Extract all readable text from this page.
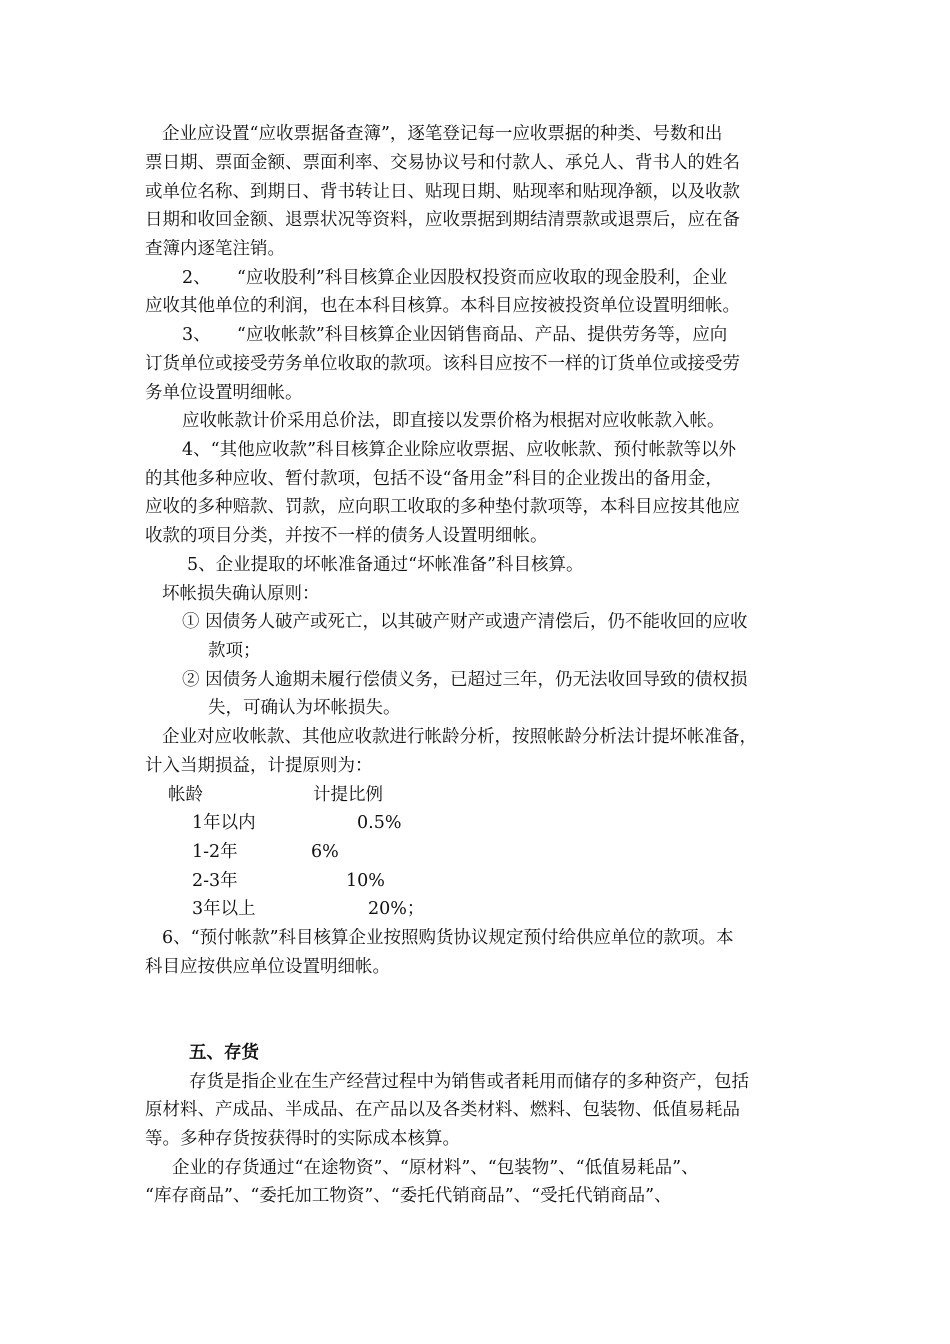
企业应设置“应收票据备查簿”，逐笔登记每一应收票据的种类、号数和出
票日期、票面金额、票面利率、交易协议号和付款人、承兑人、背书人的姓名
或单位名称、到期日、背书转让日、贴现日期、贴现率和贴现净额，以及收款
日期和收回金额、退票状况等资料，应收票据到期结清票款或退票后，应在备
查簿内逐笔注销。
2、　　“应收股利”科目核算企业因股权投资而应收取的现金股利，企业
应收其他单位的利润，也在本科目核算。本科目应按被投资单位设置明细帐。
3、　　“应收帐款”科目核算企业因销售商品、产品、提供劳务等，应向
订货单位或接受劳务单位收取的款项。该科目应按不一样的订货单位或接受劳
务单位设置明细帐。
应收帐款计价采用总价法，即直接以发票价格为根据对应收帐款入帐。
4、“其他应收款”科目核算企业除应收票据、应收帐款、预付帐款等以外
的其他多种应收、暂付款项，包括不设“备用金”科目的企业拨出的备用金，
应收的多种赔款、罚款，应向职工收取的多种垫付款项等，本科目应按其他应
收款的项目分类，并按不一样的债务人设置明细帐。
5、企业提取的坏帐准备通过“坏帐准备”科目核算。
坏帐损失确认原则：
① 因债务人破产或死亡，以其破产财产或遗产清偿后，仍不能收回的应收
款项；
② 因债务人逾期未履行偿债义务，已超过三年，仍无法收回导致的债权损
失，可确认为坏帐损失。
企业对应收帐款、其他应收款进行帐龄分析，按照帐龄分析法计提坏帐准备，
计入当期损益，计提原则为：
帐龄	计提比例
1年以内	0.5%
1-2年	6%
2-3年	10%
3年以上	20%；
6、“预付帐款”科目核算企业按照购货协议规定预付给供应单位的款项。本
科目应按供应单位设置明细帐。
五、存货
存货是指企业在生产经营过程中为销售或者耗用而储存的多种资产，包括
原材料、产成品、半成品、在产品以及各类材料、燃料、包装物、低值易耗品
等。多种存货按获得时的实际成本核算。
企业的存货通过“在途物资”、“原材料”、“包装物”、“低值易耗品”、
“库存商品”、“委托加工物资”、“委托代销商品”、“受托代销商品”、
